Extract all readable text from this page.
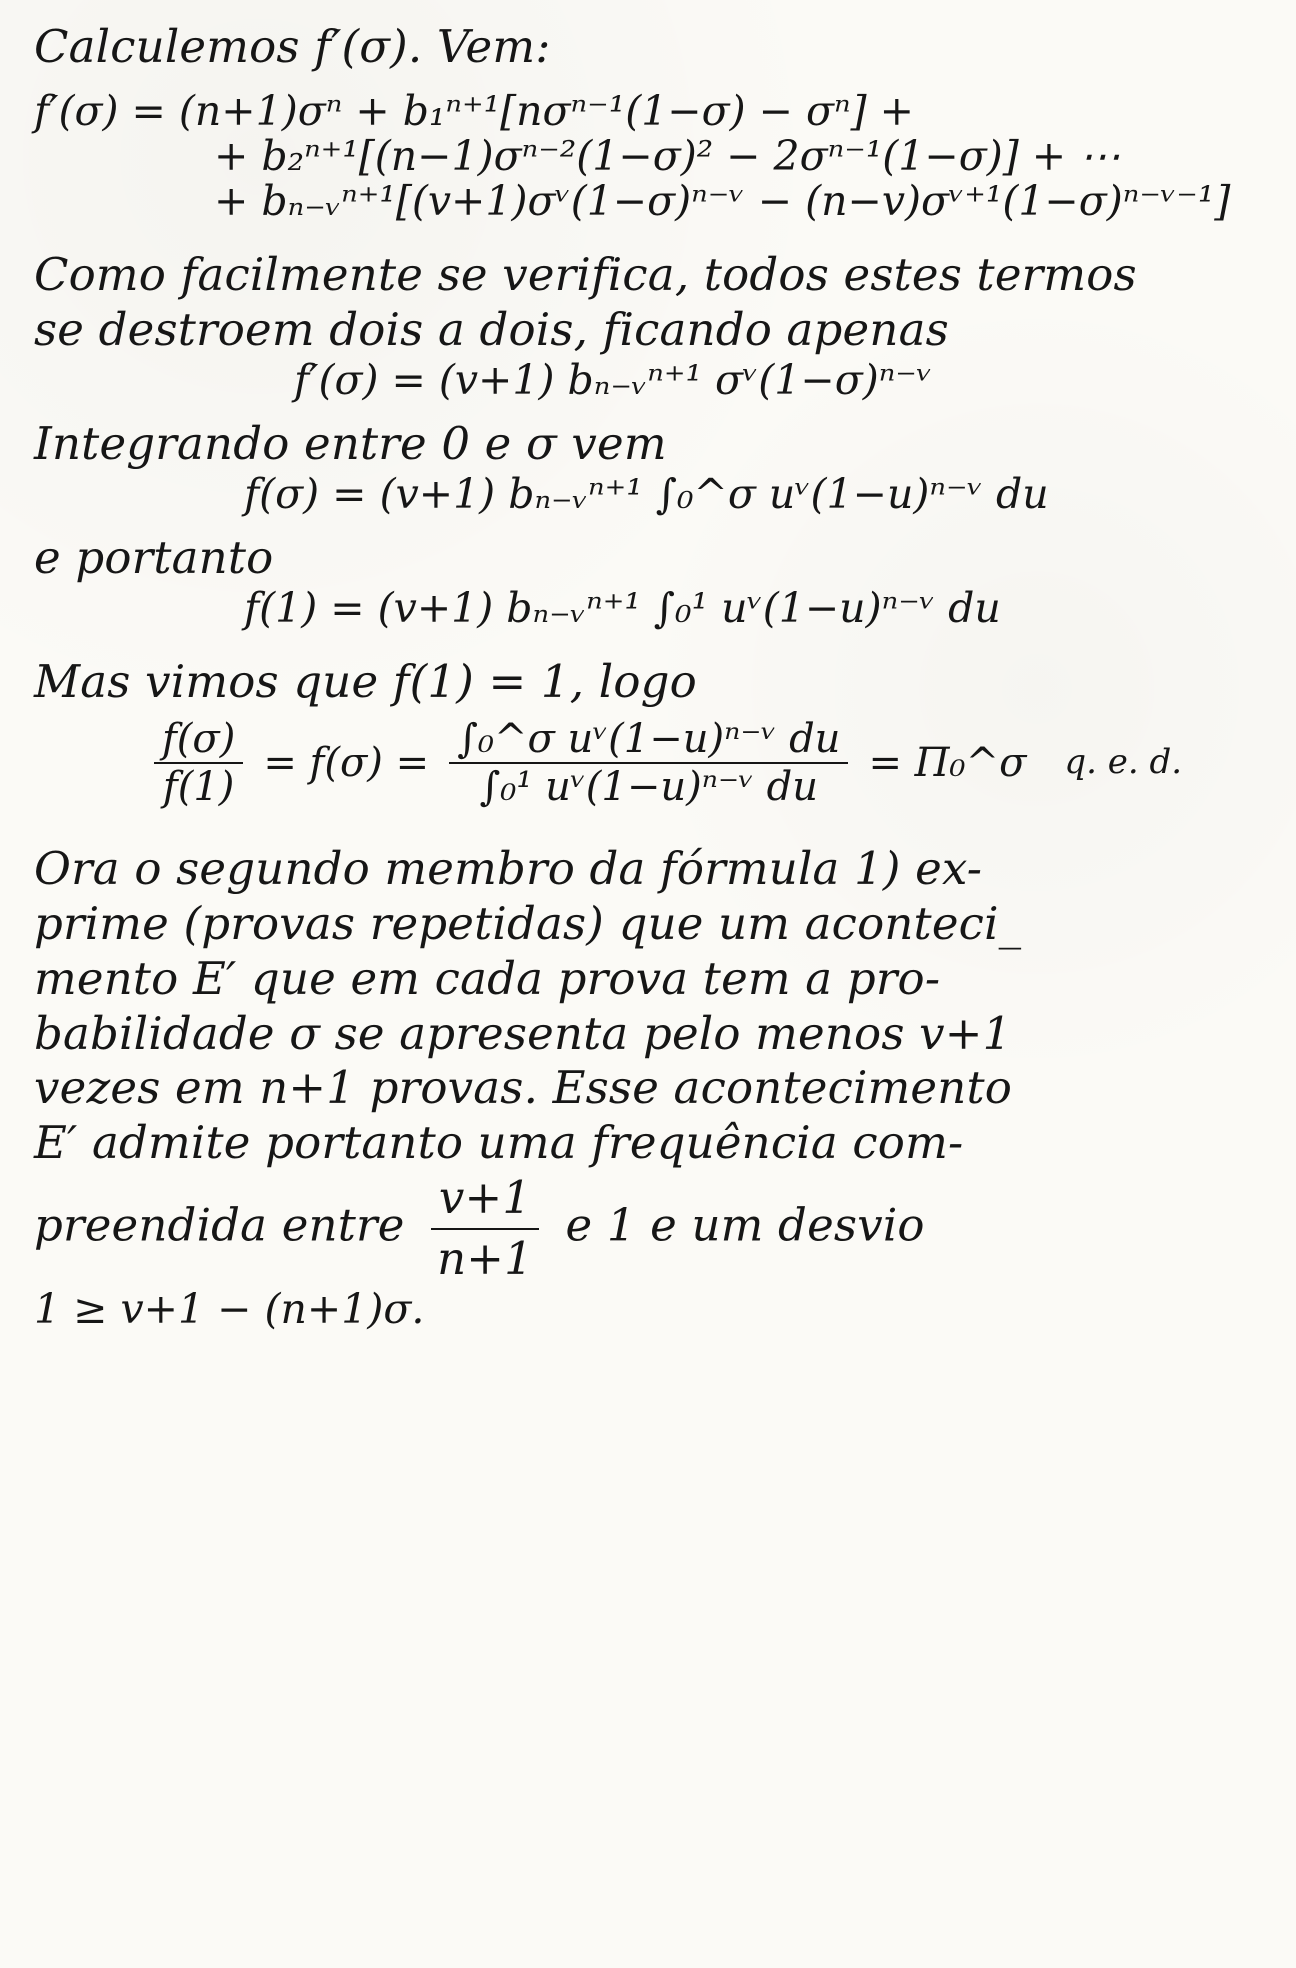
Calculemos f′(σ). Vem:

f′(σ) = (n+1)σⁿ + b₁ⁿ⁺¹[nσⁿ⁻¹(1−σ) − σⁿ] +

+ b₂ⁿ⁺¹[(n−1)σⁿ⁻²(1−σ)² − 2σⁿ⁻¹(1−σ)] + ⋯

+ bₙ₋ᵥⁿ⁺¹[(v+1)σᵛ(1−σ)ⁿ⁻ᵛ − (n−v)σᵛ⁺¹(1−σ)ⁿ⁻ᵛ⁻¹]

Como facilmente se verifica, todos estes termos

se destroem dois a dois, ficando apenas

f′(σ) = (v+1) bₙ₋ᵥⁿ⁺¹ σᵛ(1−σ)ⁿ⁻ᵛ

Integrando entre 0 e σ vem

f(σ) = (v+1) bₙ₋ᵥⁿ⁺¹ ∫₀^σ uᵛ(1−u)ⁿ⁻ᵛ du

e portanto

f(1) = (v+1) bₙ₋ᵥⁿ⁺¹ ∫₀¹ uᵛ(1−u)ⁿ⁻ᵛ du

Mas vimos que f(1) = 1, logo

$\frac{f(\sigma)}{f(1)} = f(\sigma) = \frac{\text{∫₀\textasciicircum{}σ uᵛ(1−u)ⁿ⁻ᵛ du}}{\text{∫₀¹ uᵛ(1−u)ⁿ⁻ᵛ du}}$ = Π₀^σ q. e. d.

Ora o segundo membro da fórmula 1) ex-

prime (provas repetidas) que um aconteci_

mento E′ que em cada prova tem a pro-

babilidade σ se apresenta pelo menos v+1

vezes em n+1 provas. Esse acontecimento

E′ admite portanto uma frequência com-

preendida entre $\frac{v+1}{n+1}$ e 1 e um desvio

1 ≥ v+1 − (n+1)σ.
